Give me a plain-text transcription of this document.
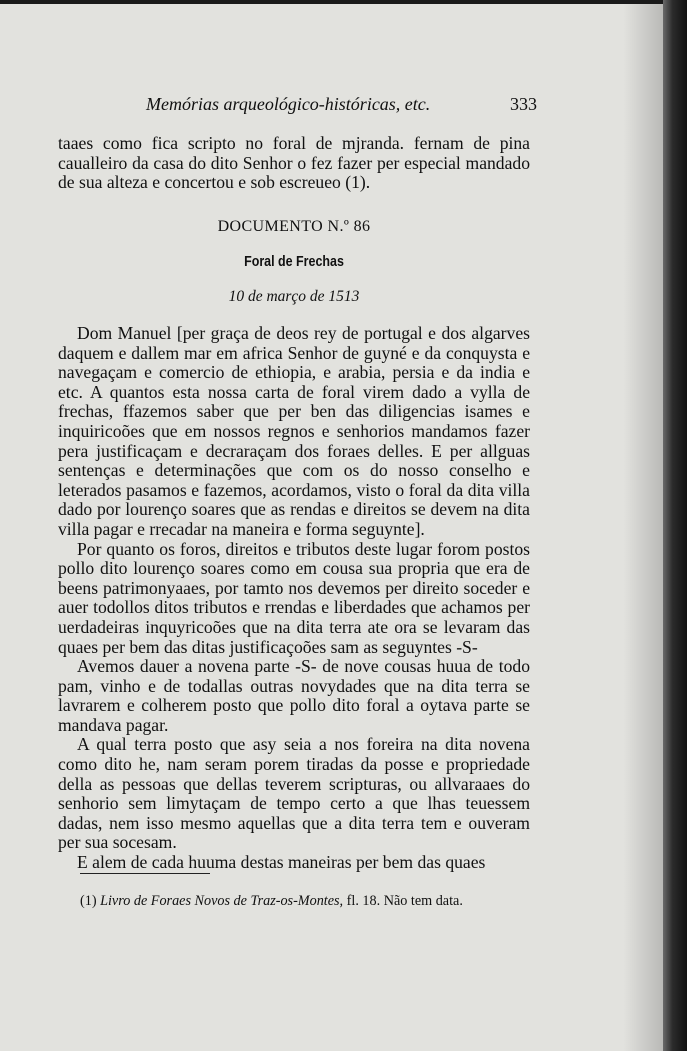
Memórias arqueológico-históricas, etc.	333

taaes como fica scripto no foral de mjranda. fernam de pina caualleiro da casa do dito Senhor o fez fazer per especial mandado de sua alteza e concertou e sob escreueo (1).

DOCUMENTO N.º 86
Foral de Frechas
10 de março de 1513

Dom Manuel [per graça de deos rey de portugal e dos algarves daquem e dallem mar em africa Senhor de guyné e da conquysta e navegaçam e comercio de ethiopia, e arabia, persia e da india e etc. A quantos esta nossa carta de foral virem dado a vylla de frechas, ffazemos saber que per ben das diligencias isames e inquiricoões que em nossos regnos e senhorios mandamos fazer pera justificaçam e decraraçam dos foraes delles. E per allguas sentenças e determinações que com os do nosso conselho e leterados pasamos e fazemos, acordamos, visto o foral da dita villa dado por lourenço soares que as rendas e direitos se devem na dita villa pagar e rrecadar na maneira e forma seguynte].

Por quanto os foros, direitos e tributos deste lugar forom postos pollo dito lourenço soares como em cousa sua propria que era de beens patrimonyaaes, por tamto nos devemos per direito soceder e auer todollos ditos tributos e rrendas e liberdades que achamos per uerdadeiras inquyricoões que na dita terra ate ora se levaram das quaes per bem das ditas justificaçoões sam as seguyntes -S-

Avemos dauer a novena parte -S- de nove cousas huua de todo pam, vinho e de todallas outras novydades que na dita terra se lavrarem e colherem posto que pollo dito foral a oytava parte se mandava pagar.

A qual terra posto que asy seia a nos foreira na dita novena como dito he, nam seram porem tiradas da posse e propriedade della as pessoas que dellas teverem scripturas, ou allvaraaes do senhorio sem limytaçam de tempo certo a que lhas teuessem dadas, nem isso mesmo aquellas que a dita terra tem e ouveram per sua socesam.

E alem de cada huuma destas maneiras per bem das quaes

(1) Livro de Foraes Novos de Traz-os-Montes, fl. 18. Não tem data.
